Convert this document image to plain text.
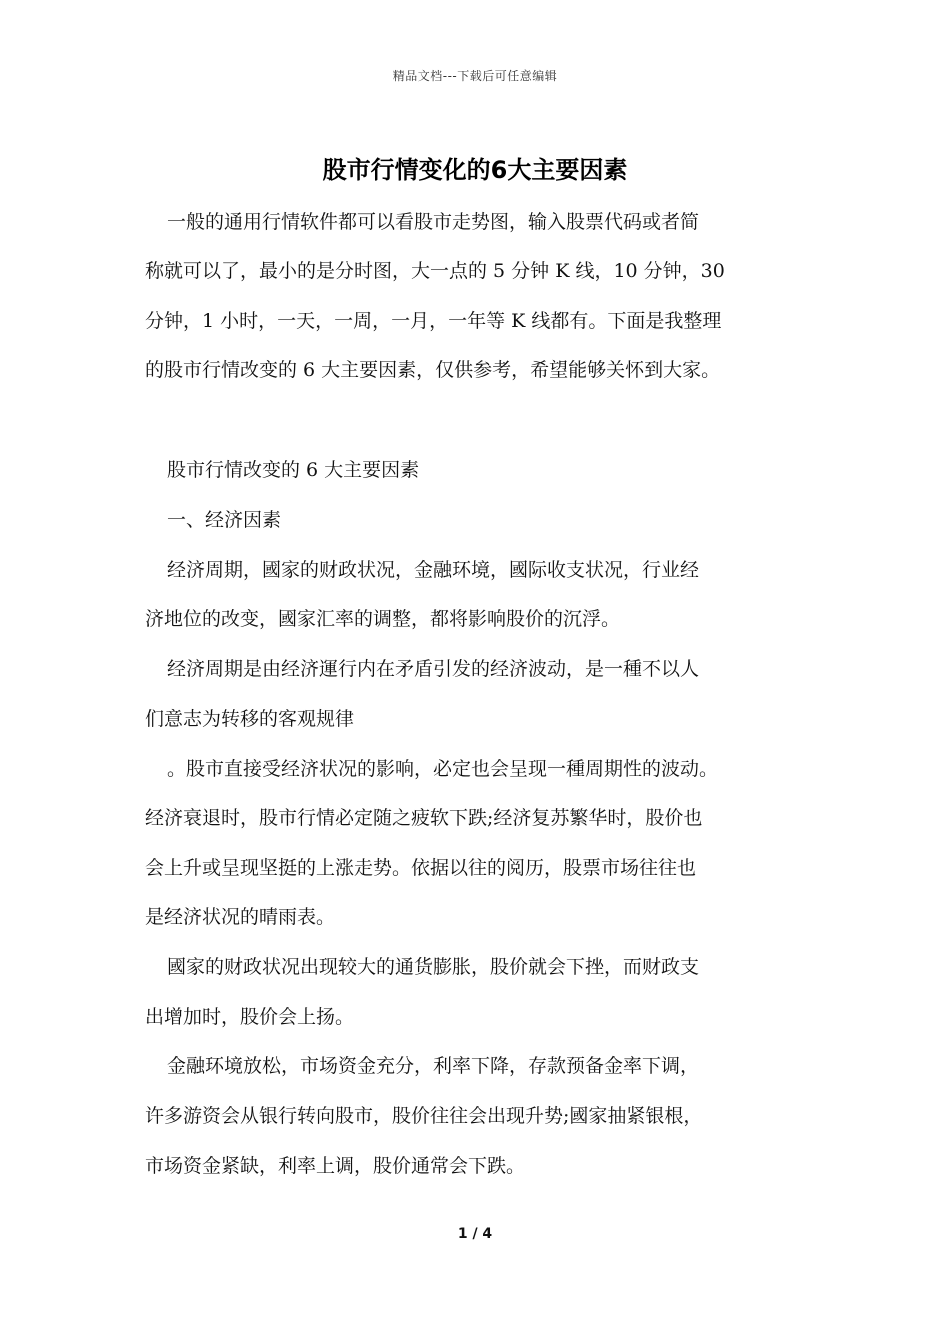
精品文档---下载后可任意编辑
股市行情变化的6大主要因素
一般的通用行情软件都可以看股市走势图，输入股票代码或者简
称就可以了，最小的是分时图，大一点的 5 分钟 K 线，10 分钟，30
分钟，1 小时，一天，一周，一月，一年等 K 线都有。下面是我整理
的股市行情改变的 6 大主要因素，仅供参考，希望能够关怀到大家。
股市行情改变的 6 大主要因素
一、经济因素
经济周期，國家的财政状况，金融环境，國际收支状况，行业经
济地位的改变，國家汇率的调整，都将影响股价的沉浮。
经济周期是由经济運行内在矛盾引发的经济波动，是一種不以人
们意志为转移的客观规律
。股市直接受经济状况的影响，必定也会呈现一種周期性的波动。
经济衰退时，股市行情必定随之疲软下跌;经济复苏繁华时，股价也
会上升或呈现坚挺的上涨走势。依据以往的阅历，股票市场往往也
是经济状况的晴雨表。
國家的财政状况出现较大的通货膨胀，股价就会下挫，而财政支
出增加时，股价会上扬。
金融环境放松，市场资金充分，利率下降，存款预备金率下调，
许多游资会从银行转向股市，股价往往会出现升势;國家抽紧银根，
市场资金紧缺，利率上调，股价通常会下跌。
1 / 4
